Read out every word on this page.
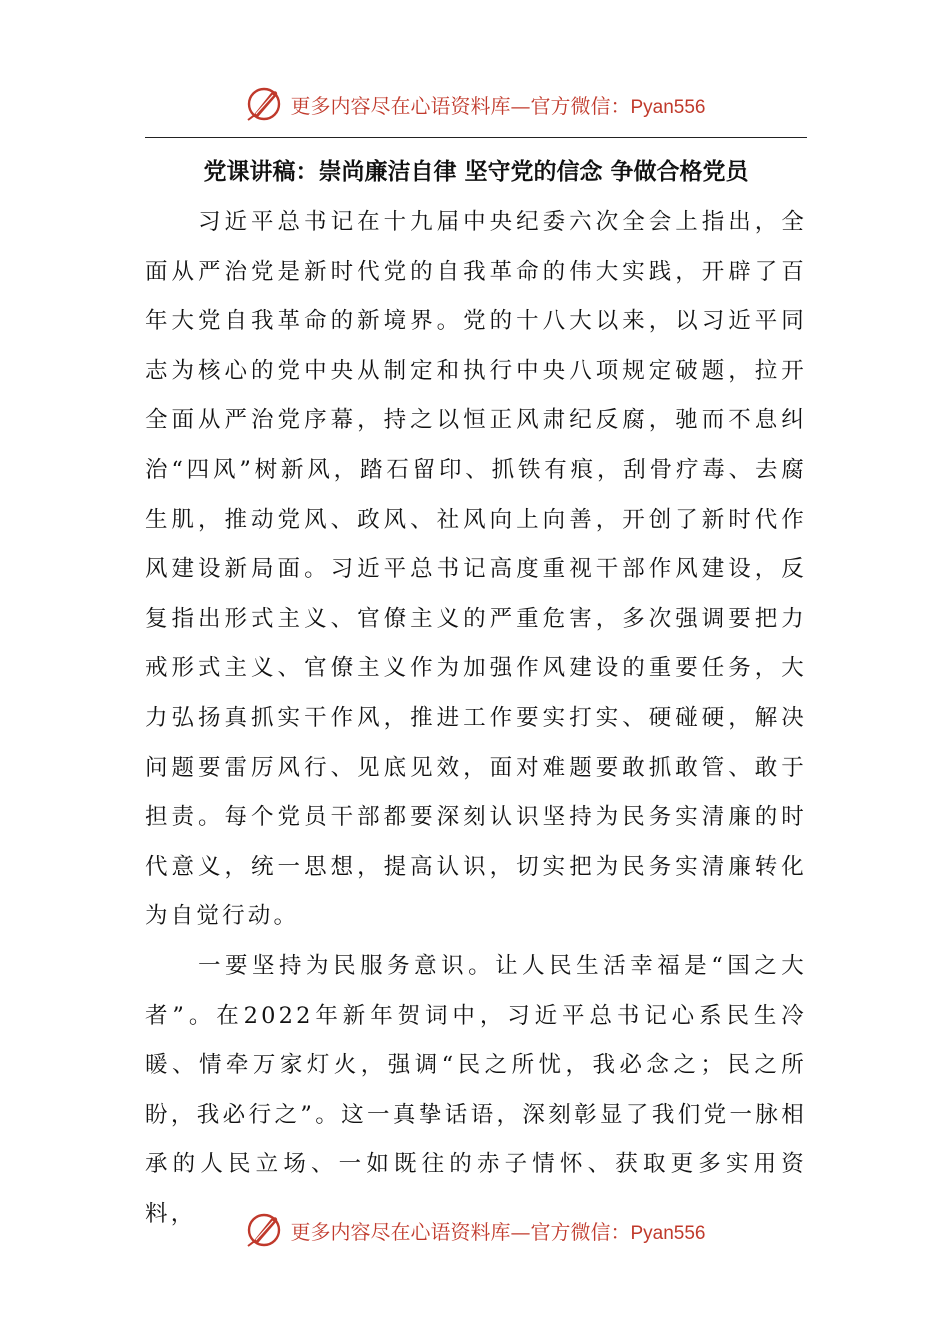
更多内容尽在心语资料库—官方微信：Pyan556
党课讲稿：崇尚廉洁自律 坚守党的信念 争做合格党员

习近平总书记在十九届中央纪委六次全会上指出，全面从严治党是新时代党的自我革命的伟大实践，开辟了百年大党自我革命的新境界。党的十八大以来，以习近平同志为核心的党中央从制定和执行中央八项规定破题，拉开全面从严治党序幕，持之以恒正风肃纪反腐，驰而不息纠治“四风”树新风，踏石留印、抓铁有痕，刮骨疗毒、去腐生肌，推动党风、政风、社风向上向善，开创了新时代作风建设新局面。习近平总书记高度重视干部作风建设，反复指出形式主义、官僚主义的严重危害，多次强调要把力戒形式主义、官僚主义作为加强作风建设的重要任务，大力弘扬真抓实干作风，推进工作要实打实、硬碰硬，解决问题要雷厉风行、见底见效，面对难题要敢抓敢管、敢于担责。每个党员干部都要深刻认识坚持为民务实清廉的时代意义，统一思想，提高认识，切实把为民务实清廉转化为自觉行动。

一要坚持为民服务意识。让人民生活幸福是“国之大者”。在2022年新年贺词中，习近平总书记心系民生冷暖、情牵万家灯火，强调“民之所忧，我必念之；民之所盼，我必行之”。这一真挚话语，深刻彰显了我们党一脉相承的人民立场、一如既往的赤子情怀、获取更多实用资料，

更多内容尽在心语资料库—官方微信：Pyan556
